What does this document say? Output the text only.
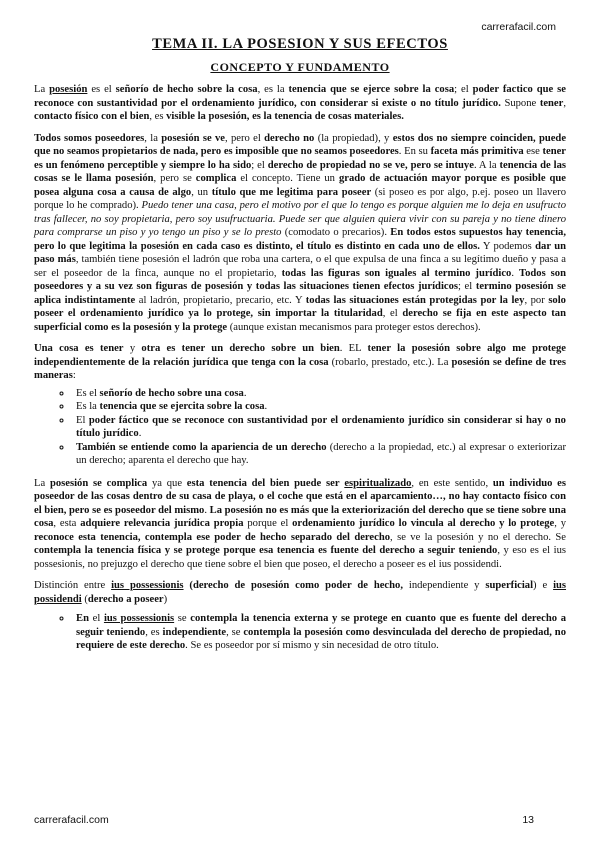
carrerafacil.com
TEMA II. LA POSESION Y SUS EFECTOS
CONCEPTO Y FUNDAMENTO

La posesión es el señorío de hecho sobre la cosa, es la tenencia que se ejerce sobre la cosa; el poder factico que se reconoce con sustantividad por el ordenamiento jurídico, con considerar si existe o no título jurídico. Supone tener, contacto físico con el bien, es visible la posesión, es la tenencia de cosas materiales.

Todos somos poseedores, la posesión se ve, pero el derecho no (la propiedad), y estos dos no siempre coinciden, puede que no seamos propietarios de nada, pero es imposible que no seamos poseedores. En su faceta más primitiva ese tener es un fenómeno perceptible y siempre lo ha sido; el derecho de propiedad no se ve, pero se intuye. A la tenencia de las cosas se le llama posesión, pero se complica el concepto. Tiene un grado de actuación mayor porque es posible que posea alguna cosa a causa de algo, un título que me legitima para poseer (si poseo es por algo, p.ej. poseo un llavero porque lo he comprado). Puedo tener una casa, pero el motivo por el que lo tengo es porque alguien me lo deja en usufructo tras fallecer, no soy propietaria, pero soy usufructuaria. Puede ser que alguien quiera vivir con su pareja y no tiene dinero para comprarse un piso y yo tengo un piso y se lo presto (comodato o precarios). En todos estos supuestos hay tenencia, pero lo que legitima la posesión en cada caso es distinto, el título es distinto en cada uno de ellos. Y podemos dar un paso más, también tiene posesión el ladrón que roba una cartera, o el que expulsa de una finca a su legítimo dueño y pasa a ser el poseedor de la finca, aunque no el propietario, todas las figuras son iguales al termino jurídico. Todos son poseedores y a su vez son figuras de posesión y todas las situaciones tienen efectos jurídicos; el termino posesión se aplica indistintamente al ladrón, propietario, precario, etc. Y todas las situaciones están protegidas por la ley, por solo poseer el ordenamiento jurídico ya lo protege, sin importar la titularidad, el derecho se fija en este aspecto tan superficial como es la posesión y la protege (aunque existan mecanismos para proteger estos derechos).

Una cosa es tener y otra es tener un derecho sobre un bien. EL tener la posesión sobre algo me protege independientemente de la relación jurídica que tenga con la cosa (robarlo, prestado, etc.). La posesión se define de tres maneras:

◦ Es el señorío de hecho sobre una cosa.
◦ Es la tenencia que se ejercita sobre la cosa.
◦ El poder fáctico que se reconoce con sustantividad por el ordenamiento jurídico sin considerar si hay o no título jurídico.
◦ También se entiende como la apariencia de un derecho (derecho a la propiedad, etc.) al expresar o exteriorizar un derecho; aparenta el derecho que hay.

La posesión se complica ya que esta tenencia del bien puede ser espiritualizado, en este sentido, un individuo es poseedor de las cosas dentro de su casa de playa, o el coche que está en el aparcamiento…, no hay contacto físico con el bien, pero se es poseedor del mismo. La posesión no es más que la exteriorización del derecho que se tiene sobre una cosa, esta adquiere relevancia jurídica propia porque el ordenamiento jurídico lo vincula al derecho y lo protege, y reconoce esta tenencia, contempla ese poder de hecho separado del derecho, se ve la posesión y no el derecho. Se contempla la tenencia física y se protege porque esa tenencia es fuente del derecho a seguir teniendo, y eso es el ius possesionis, no prejuzgo el derecho que tiene sobre el bien que poseo, el derecho a poseer es el ius possidendi.

Distinción entre ius possessionis (derecho de posesión como poder de hecho, independiente y superficial) e ius possidendi (derecho a poseer)

◦ En el ius possessionis se contempla la tenencia externa y se protege en cuanto que es fuente del derecho a seguir teniendo, es independiente, se contempla la posesión como desvinculada del derecho de propiedad, no requiere de este derecho. Se es poseedor por sí mismo y sin necesidad de otro título.
carrerafacil.com	13
